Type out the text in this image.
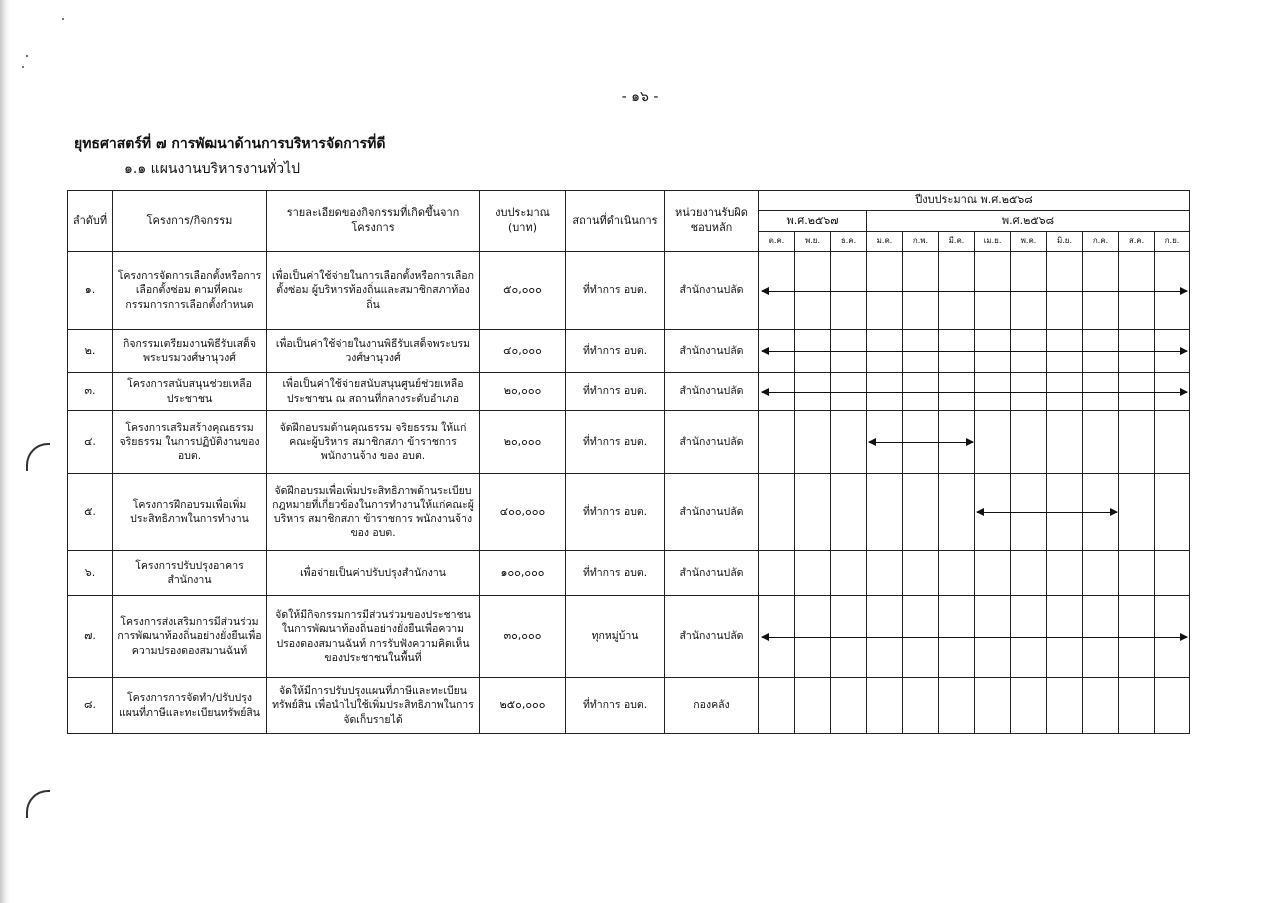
- ๑๖ -
ยุทธศาสตร์ที่ ๗ การพัฒนาด้านการบริหารจัดการที่ดี
๑.๑ แผนงานบริหารงานทั่วไป
ลำดับที่	โครงการ/กิจกรรม	รายละเอียดของกิจกรรมที่เกิดขึ้นจากโครงการ	งบประมาณ (บาท)	สถานที่ดำเนินการ	หน่วยงานรับผิดชอบหลัก	ปีงบประมาณ พ.ศ.๒๕๖๘											
						พ.ศ.๒๕๖๗			พ.ศ.๒๕๖๘								
						ต.ค.	พ.ย.	ธ.ค.	ม.ค.	ก.พ.	มี.ค.	เม.ย.	พ.ค.	มิ.ย.	ก.ค.	ส.ค.	ก.ย.
๑.	โครงการจัดการเลือกตั้งหรือการเลือกตั้งซ่อม ตามที่คณะกรรมการการเลือกตั้งกำหนด	เพื่อเป็นค่าใช้จ่ายในการเลือกตั้งหรือการเลือกตั้งซ่อม ผู้บริหารท้องถิ่นและสมาชิกสภาท้องถิ่น	๕๐,๐๐๐	ที่ทำการ อบต.	สำนักงานปลัด												
๒.	กิจกรรมเตรียมงานพิธีรับเสด็จพระบรมวงศ์ษานุวงศ์	เพื่อเป็นค่าใช้จ่ายในงานพิธีรับเสด็จพระบรมวงศ์ษานุวงศ์	๔๐,๐๐๐	ที่ทำการ อบต.	สำนักงานปลัด												
๓.	โครงการสนับสนุนช่วยเหลือประชาชน	เพื่อเป็นค่าใช้จ่ายสนับสนุนศูนย์ช่วยเหลือประชาชน ณ สถานที่กลางระดับอำเภอ	๒๐,๐๐๐	ที่ทำการ อบต.	สำนักงานปลัด												
๔.	โครงการเสริมสร้างคุณธรรมจริยธรรม ในการปฏิบัติงานของ อบต.	จัดฝึกอบรมด้านคุณธรรม จริยธรรม ให้แก่คณะผู้บริหาร สมาชิกสภา ข้าราชการ พนักงานจ้าง ของ อบต.	๒๐,๐๐๐	ที่ทำการ อบต.	สำนักงานปลัด												
๕.	โครงการฝึกอบรมเพื่อเพิ่มประสิทธิภาพในการทำงาน	จัดฝึกอบรมเพื่อเพิ่มประสิทธิภาพด้านระเบียบ กฎหมายที่เกี่ยวข้องในการทำงานให้แก่คณะผู้บริหาร สมาชิกสภา ข้าราชการ พนักงานจ้างของ อบต.	๔๐๐,๐๐๐	ที่ทำการ อบต.	สำนักงานปลัด												
๖.	โครงการปรับปรุงอาคารสำนักงาน	เพื่อจ่ายเป็นค่าปรับปรุงสำนักงาน	๑๐๐,๐๐๐	ที่ทำการ อบต.	สำนักงานปลัด												
๗.	โครงการส่งเสริมการมีส่วนร่วมการพัฒนาท้องถิ่นอย่างยั่งยืนเพื่อความปรองดองสมานฉันท์	จัดให้มีกิจกรรมการมีส่วนร่วมของประชาชนในการพัฒนาท้องถิ่นอย่างยั่งยืนเพื่อความปรองดองสมานฉันท์ การรับฟังความคิดเห็นของประชาชนในพื้นที่	๓๐,๐๐๐	ทุกหมู่บ้าน	สำนักงานปลัด												
๘.	โครงการการจัดทำ/ปรับปรุงแผนที่ภาษีและทะเบียนทรัพย์สิน	จัดให้มีการปรับปรุงแผนที่ภาษีและทะเบียนทรัพย์สิน เพื่อนำไปใช้เพิ่มประสิทธิภาพในการจัดเก็บรายได้	๒๕๐,๐๐๐	ที่ทำการ อบต.	กองคลัง												
